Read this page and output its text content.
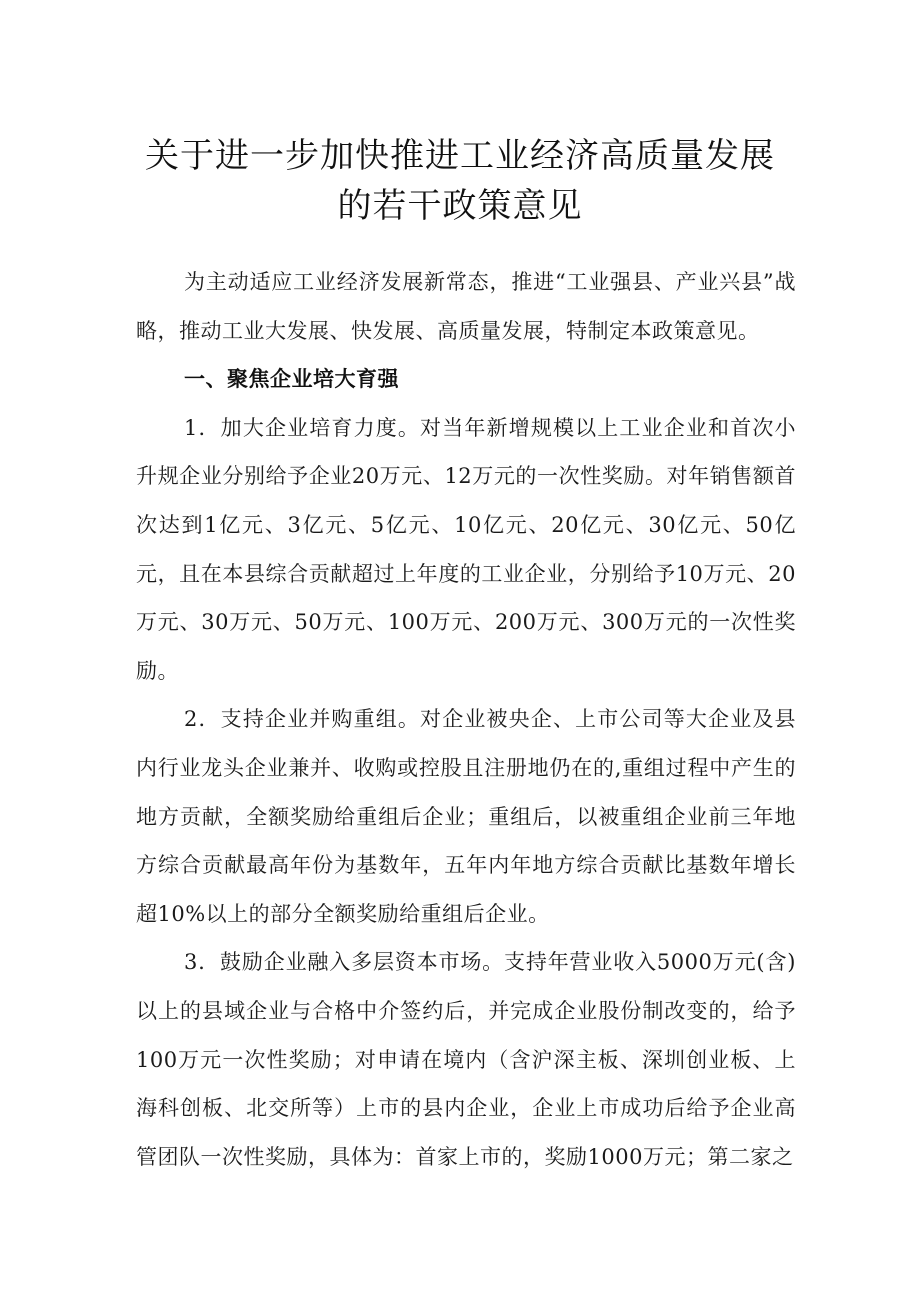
关于进一步加快推进工业经济高质量发展
的若干政策意见

为主动适应工业经济发展新常态，推进“工业强县、产业兴县”战略，推动工业大发展、快发展、高质量发展，特制定本政策意见。

一、聚焦企业培大育强

1．加大企业培育力度。对当年新增规模以上工业企业和首次小升规企业分别给予企业20万元、12万元的一次性奖励。对年销售额首次达到1亿元、3亿元、5亿元、10亿元、20亿元、30亿元、50亿元，且在本县综合贡献超过上年度的工业企业，分别给予10万元、20万元、30万元、50万元、100万元、200万元、300万元的一次性奖励。

2．支持企业并购重组。对企业被央企、上市公司等大企业及县内行业龙头企业兼并、收购或控股且注册地仍在的,重组过程中产生的地方贡献，全额奖励给重组后企业；重组后，以被重组企业前三年地方综合贡献最高年份为基数年，五年内年地方综合贡献比基数年增长超10%以上的部分全额奖励给重组后企业。

3．鼓励企业融入多层资本市场。支持年营业收入5000万元(含)以上的县域企业与合格中介签约后，并完成企业股份制改变的，给予100万元一次性奖励；对申请在境内（含沪深主板、深圳创业板、上海科创板、北交所等）上市的县内企业，企业上市成功后给予企业高管团队一次性奖励，具体为：首家上市的，奖励1000万元；第二家之
